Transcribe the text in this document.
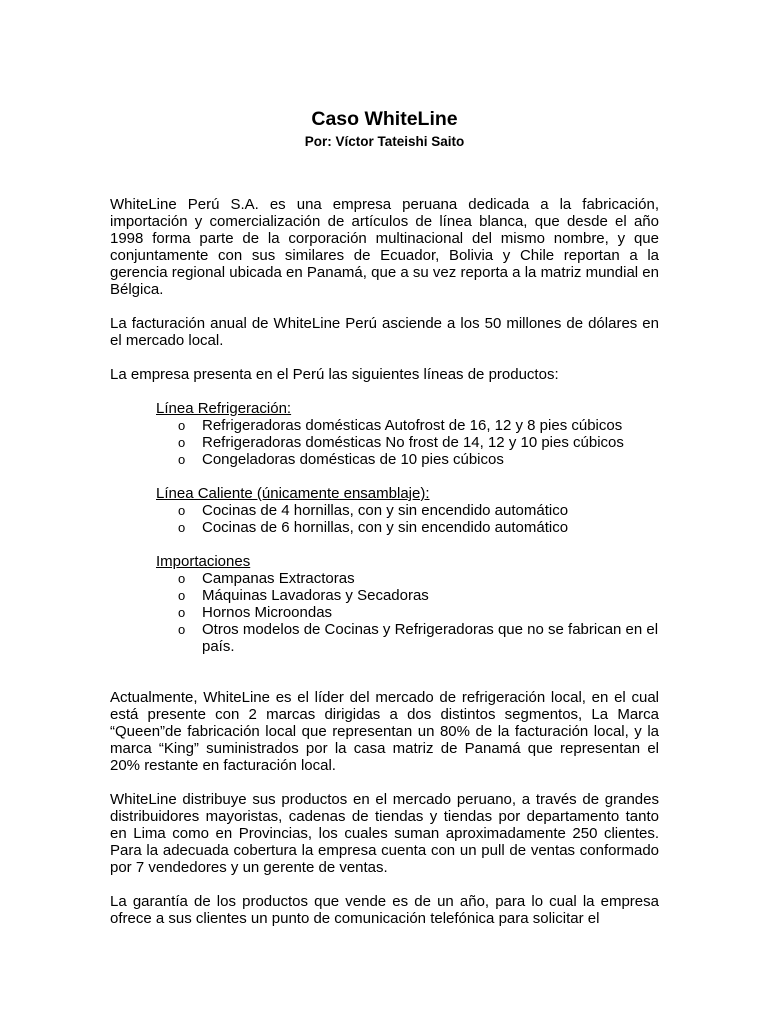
Caso WhiteLine

Por: Víctor Tateishi Saito

WhiteLine Perú S.A. es una empresa peruana dedicada a la fabricación, importación y comercialización de artículos de línea blanca, que desde el año 1998 forma parte de la corporación multinacional del mismo nombre, y que conjuntamente con sus similares de Ecuador, Bolivia y Chile reportan a la gerencia regional ubicada en Panamá, que a su vez reporta a la matriz mundial en Bélgica.

La facturación anual de WhiteLine Perú asciende a los 50 millones de dólares en el mercado local.

La empresa presenta en el Perú las siguientes líneas de productos:

Línea Refrigeración:

o Refrigeradoras domésticas Autofrost de 16, 12 y 8 pies cúbicos
o Refrigeradoras domésticas No frost de 14, 12 y 10 pies cúbicos
o Congeladoras domésticas de 10 pies cúbicos

Línea Caliente (únicamente ensamblaje):

o Cocinas de 4 hornillas, con y sin encendido automático
o Cocinas de 6 hornillas, con y sin encendido automático

Importaciones

o Campanas Extractoras
o Máquinas Lavadoras y Secadoras
o Hornos Microondas
o Otros modelos de Cocinas y Refrigeradoras que no se fabrican en el país.

Actualmente, WhiteLine es el líder del mercado de refrigeración local, en el cual está presente con 2 marcas dirigidas a dos distintos segmentos, La Marca “Queen”de fabricación local que representan un 80% de la facturación local, y la marca “King” suministrados por la casa matriz de Panamá que representan el 20% restante en facturación local.

WhiteLine distribuye sus productos en el mercado peruano, a través de grandes distribuidores mayoristas, cadenas de tiendas y tiendas por departamento tanto en Lima como en Provincias, los cuales suman aproximadamente 250 clientes. Para la adecuada cobertura la empresa cuenta con un pull de ventas conformado por 7 vendedores y un gerente de ventas.

La garantía de los productos que vende es de un año, para lo cual la empresa ofrece a sus clientes un punto de comunicación telefónica para solicitar el
